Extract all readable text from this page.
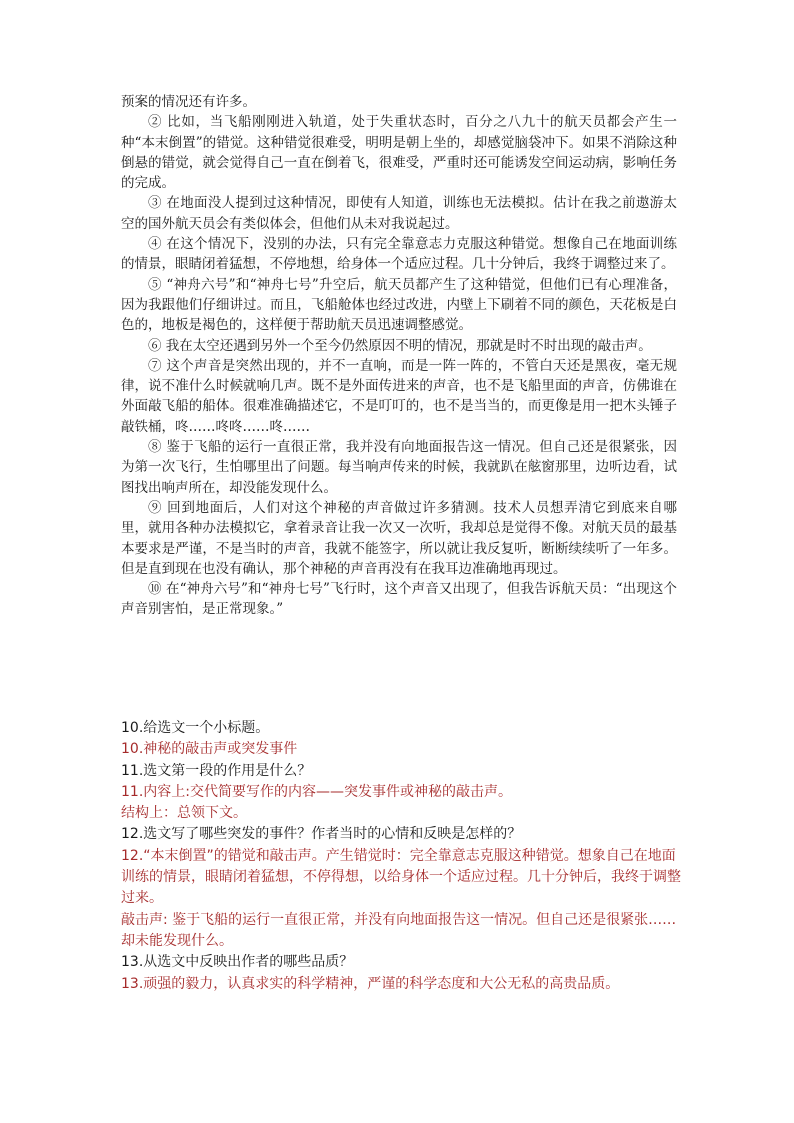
预案的情况还有许多。

② 比如，当飞船刚刚进入轨道，处于失重状态时，百分之八九十的航天员都会产生一种“本末倒置”的错觉。这种错觉很难受，明明是朝上坐的，却感觉脑袋冲下。如果不消除这种倒悬的错觉，就会觉得自己一直在倒着飞，很难受，严重时还可能诱发空间运动病，影响任务的完成。

③ 在地面没人提到过这种情况，即使有人知道，训练也无法模拟。估计在我之前遨游太空的国外航天员会有类似体会，但他们从未对我说起过。

④ 在这个情况下，没别的办法，只有完全靠意志力克服这种错觉。想像自己在地面训练的情景，眼睛闭着猛想，不停地想，给身体一个适应过程。几十分钟后，我终于调整过来了。

⑤ “神舟六号”和“神舟七号”升空后，航天员都产生了这种错觉，但他们已有心理准备，因为我跟他们仔细讲过。而且，飞船舱体也经过改进，内壁上下刷着不同的颜色，天花板是白色的，地板是褐色的，这样便于帮助航天员迅速调整感觉。

⑥ 我在太空还遇到另外一个至今仍然原因不明的情况，那就是时不时出现的敲击声。

⑦ 这个声音是突然出现的，并不一直响，而是一阵一阵的，不管白天还是黑夜，毫无规律，说不准什么时候就响几声。既不是外面传进来的声音，也不是飞船里面的声音，仿佛谁在外面敲飞船的船体。很难准确描述它，不是叮叮的，也不是当当的，而更像是用一把木头锤子敲铁桶，咚……咚咚……咚……

⑧ 鉴于飞船的运行一直很正常，我并没有向地面报告这一情况。但自己还是很紧张，因为第一次飞行，生怕哪里出了问题。每当响声传来的时候，我就趴在舷窗那里，边听边看，试图找出响声所在，却没能发现什么。

⑨ 回到地面后，人们对这个神秘的声音做过许多猜测。技术人员想弄清它到底来自哪里，就用各种办法模拟它，拿着录音让我一次又一次听，我却总是觉得不像。对航天员的最基本要求是严谨，不是当时的声音，我就不能签字，所以就让我反复听，断断续续听了一年多。但是直到现在也没有确认，那个神秘的声音再没有在我耳边准确地再现过。

⑩ 在“神舟六号”和“神舟七号”飞行时，这个声音又出现了，但我告诉航天员：“出现这个声音别害怕，是正常现象。”

10.给选文一个小标题。

10.神秘的敲击声或突发事件

11.选文第一段的作用是什么？

11.内容上:交代简要写作的内容——突发事件或神秘的敲击声。

结构上：总领下文。

12.选文写了哪些突发的事件？作者当时的心情和反映是怎样的？

12.“本末倒置”的错觉和敲击声。产生错觉时：完全靠意志克服这种错觉。想象自己在地面训练的情景，眼睛闭着猛想，不停得想，以给身体一个适应过程。几十分钟后，我终于调整过来。

敲击声: 鉴于飞船的运行一直很正常，并没有向地面报告这一情况。但自己还是很紧张……却未能发现什么。

13.从选文中反映出作者的哪些品质？

13.顽强的毅力，认真求实的科学精神，严谨的科学态度和大公无私的高贵品质。
